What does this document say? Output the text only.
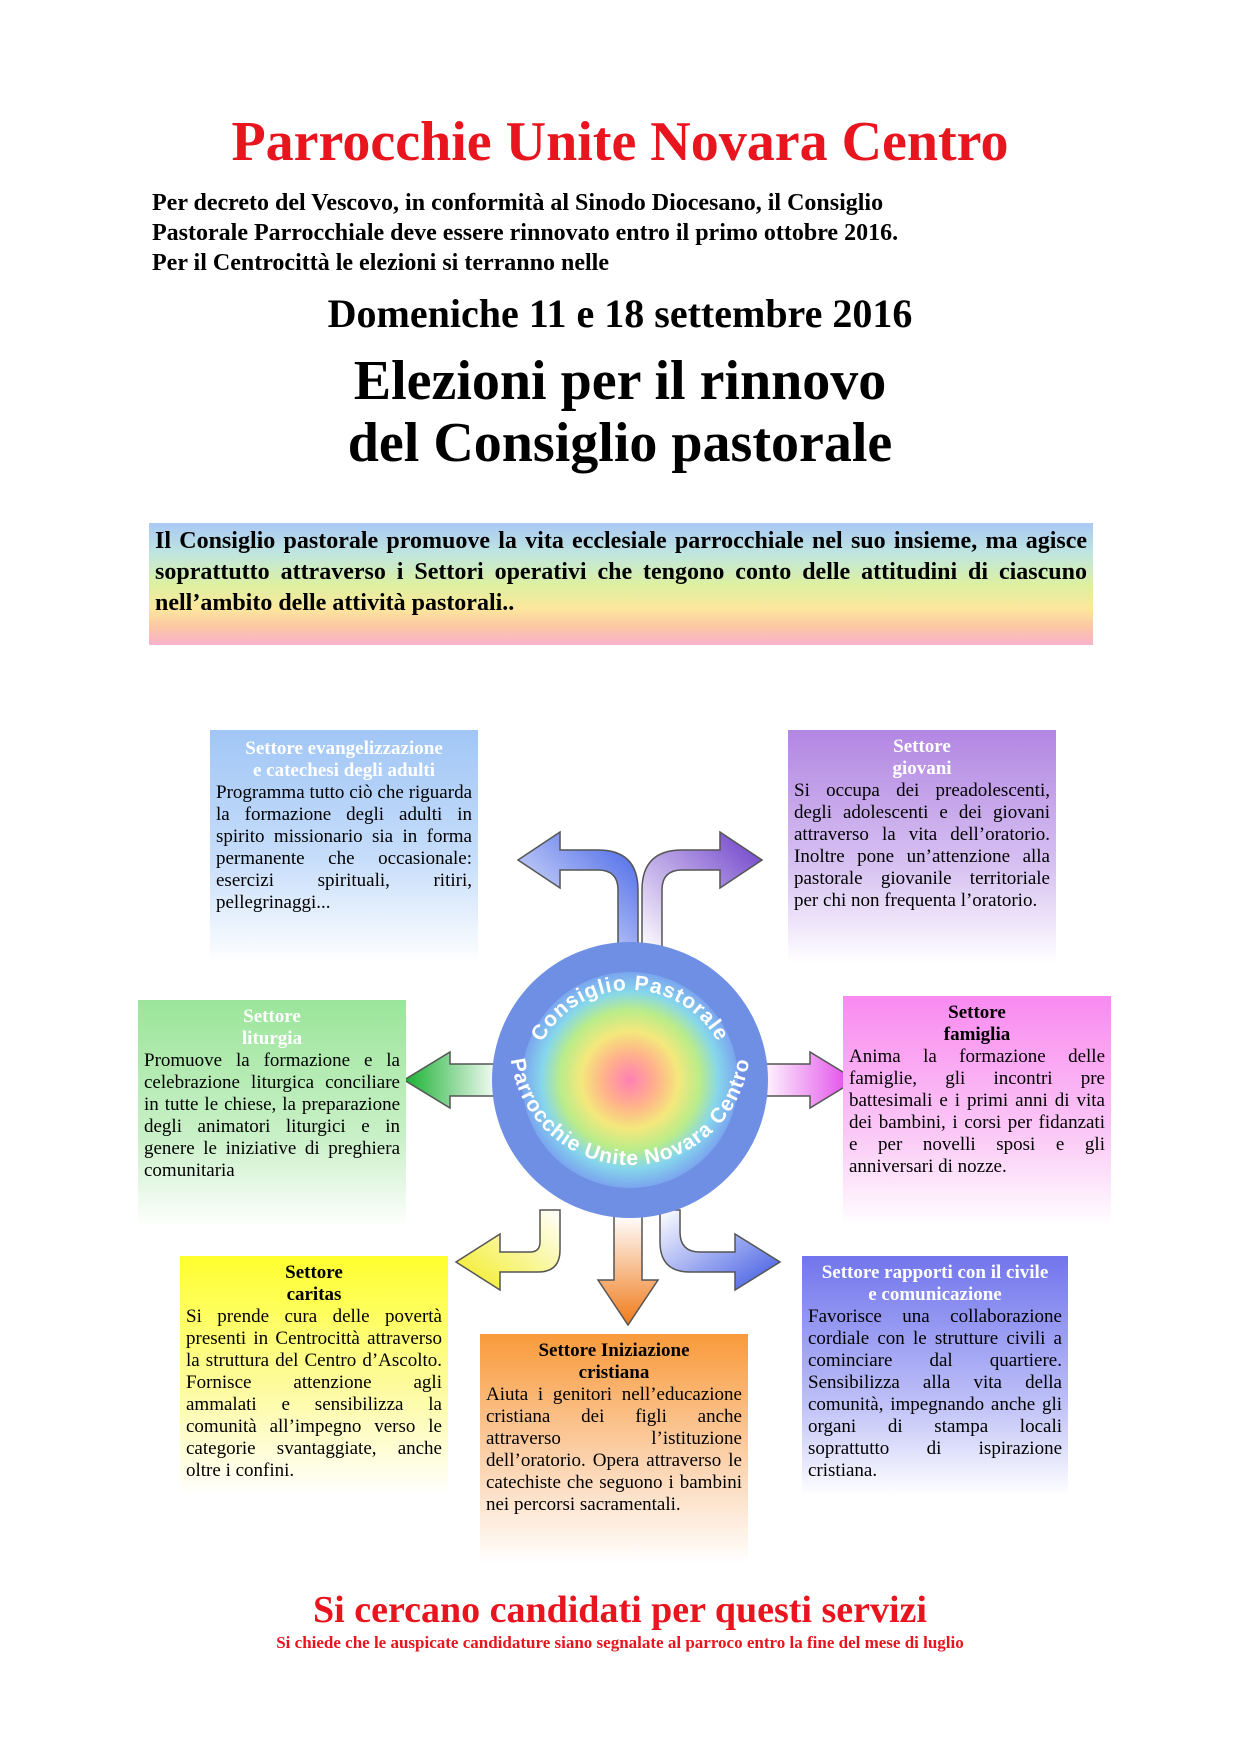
Parrocchie Unite Novara Centro

Per decreto del Vescovo, in conformità al Sinodo Diocesano, il Consiglio

Pastorale Parrocchiale deve essere rinnovato entro il primo ottobre 2016.

Per il Centrocittà le elezioni si terranno nelle

Domeniche 11 e 18 settembre 2016
Elezioni per il rinnovo
del Consiglio pastorale

Il Consiglio pastorale promuove la vita ecclesiale parrocchiale nel suo insieme, ma agisce soprattutto attraverso i Settori operativi che tengono conto delle attitudini di ciascuno nell’ambito delle attività pastorali..

Consiglio Pastorale
Parrocchie Unite Novara Centro
Settore evangelizzazione
e catechesi degli adulti
Programma tutto ciò che riguarda la formazione degli adulti in spirito missionario sia in forma permanente che occasionale: esercizi spirituali, ritiri, pellegrinaggi...
Settore
giovani
Si occupa dei preadolescenti, degli adolescenti e dei giovani attraverso la vita dell’oratorio. Inoltre pone un’attenzione alla pastorale giovanile territoriale per chi non frequenta l’oratorio.
Settore
liturgia
Promuove la formazione e la celebrazione liturgica conciliare in tutte le chiese, la preparazione degli animatori liturgici e in genere le iniziative di preghiera comunitaria
Settore
famiglia
Anima la formazione delle famiglie, gli incontri pre battesimali e i primi anni di vita dei bambini, i corsi per fidanzati e per novelli sposi e gli anniversari di nozze.
Settore
caritas
Si prende cura delle povertà presenti in Centrocittà attraverso la struttura del Centro d’Ascolto. Fornisce attenzione agli ammalati e sensibilizza la comunità all’impegno verso le categorie svantaggiate, anche oltre i confini.
Settore Iniziazione
cristiana
Aiuta i genitori nell’educazione cristiana dei figli anche attraverso l’istituzione dell’oratorio. Opera attraverso le catechiste che seguono i bambini nei percorsi sacramentali.
Settore rapporti con il civile
e comunicazione
Favorisce una collaborazione cordiale con le strutture civili a cominciare dal quartiere. Sensibilizza alla vita della comunità, impegnando anche gli organi di stampa locali soprattutto di ispirazione cristiana.
Si cercano candidati per questi servizi

Si chiede che le auspicate candidature siano segnalate al parroco entro la fine del mese di luglio
